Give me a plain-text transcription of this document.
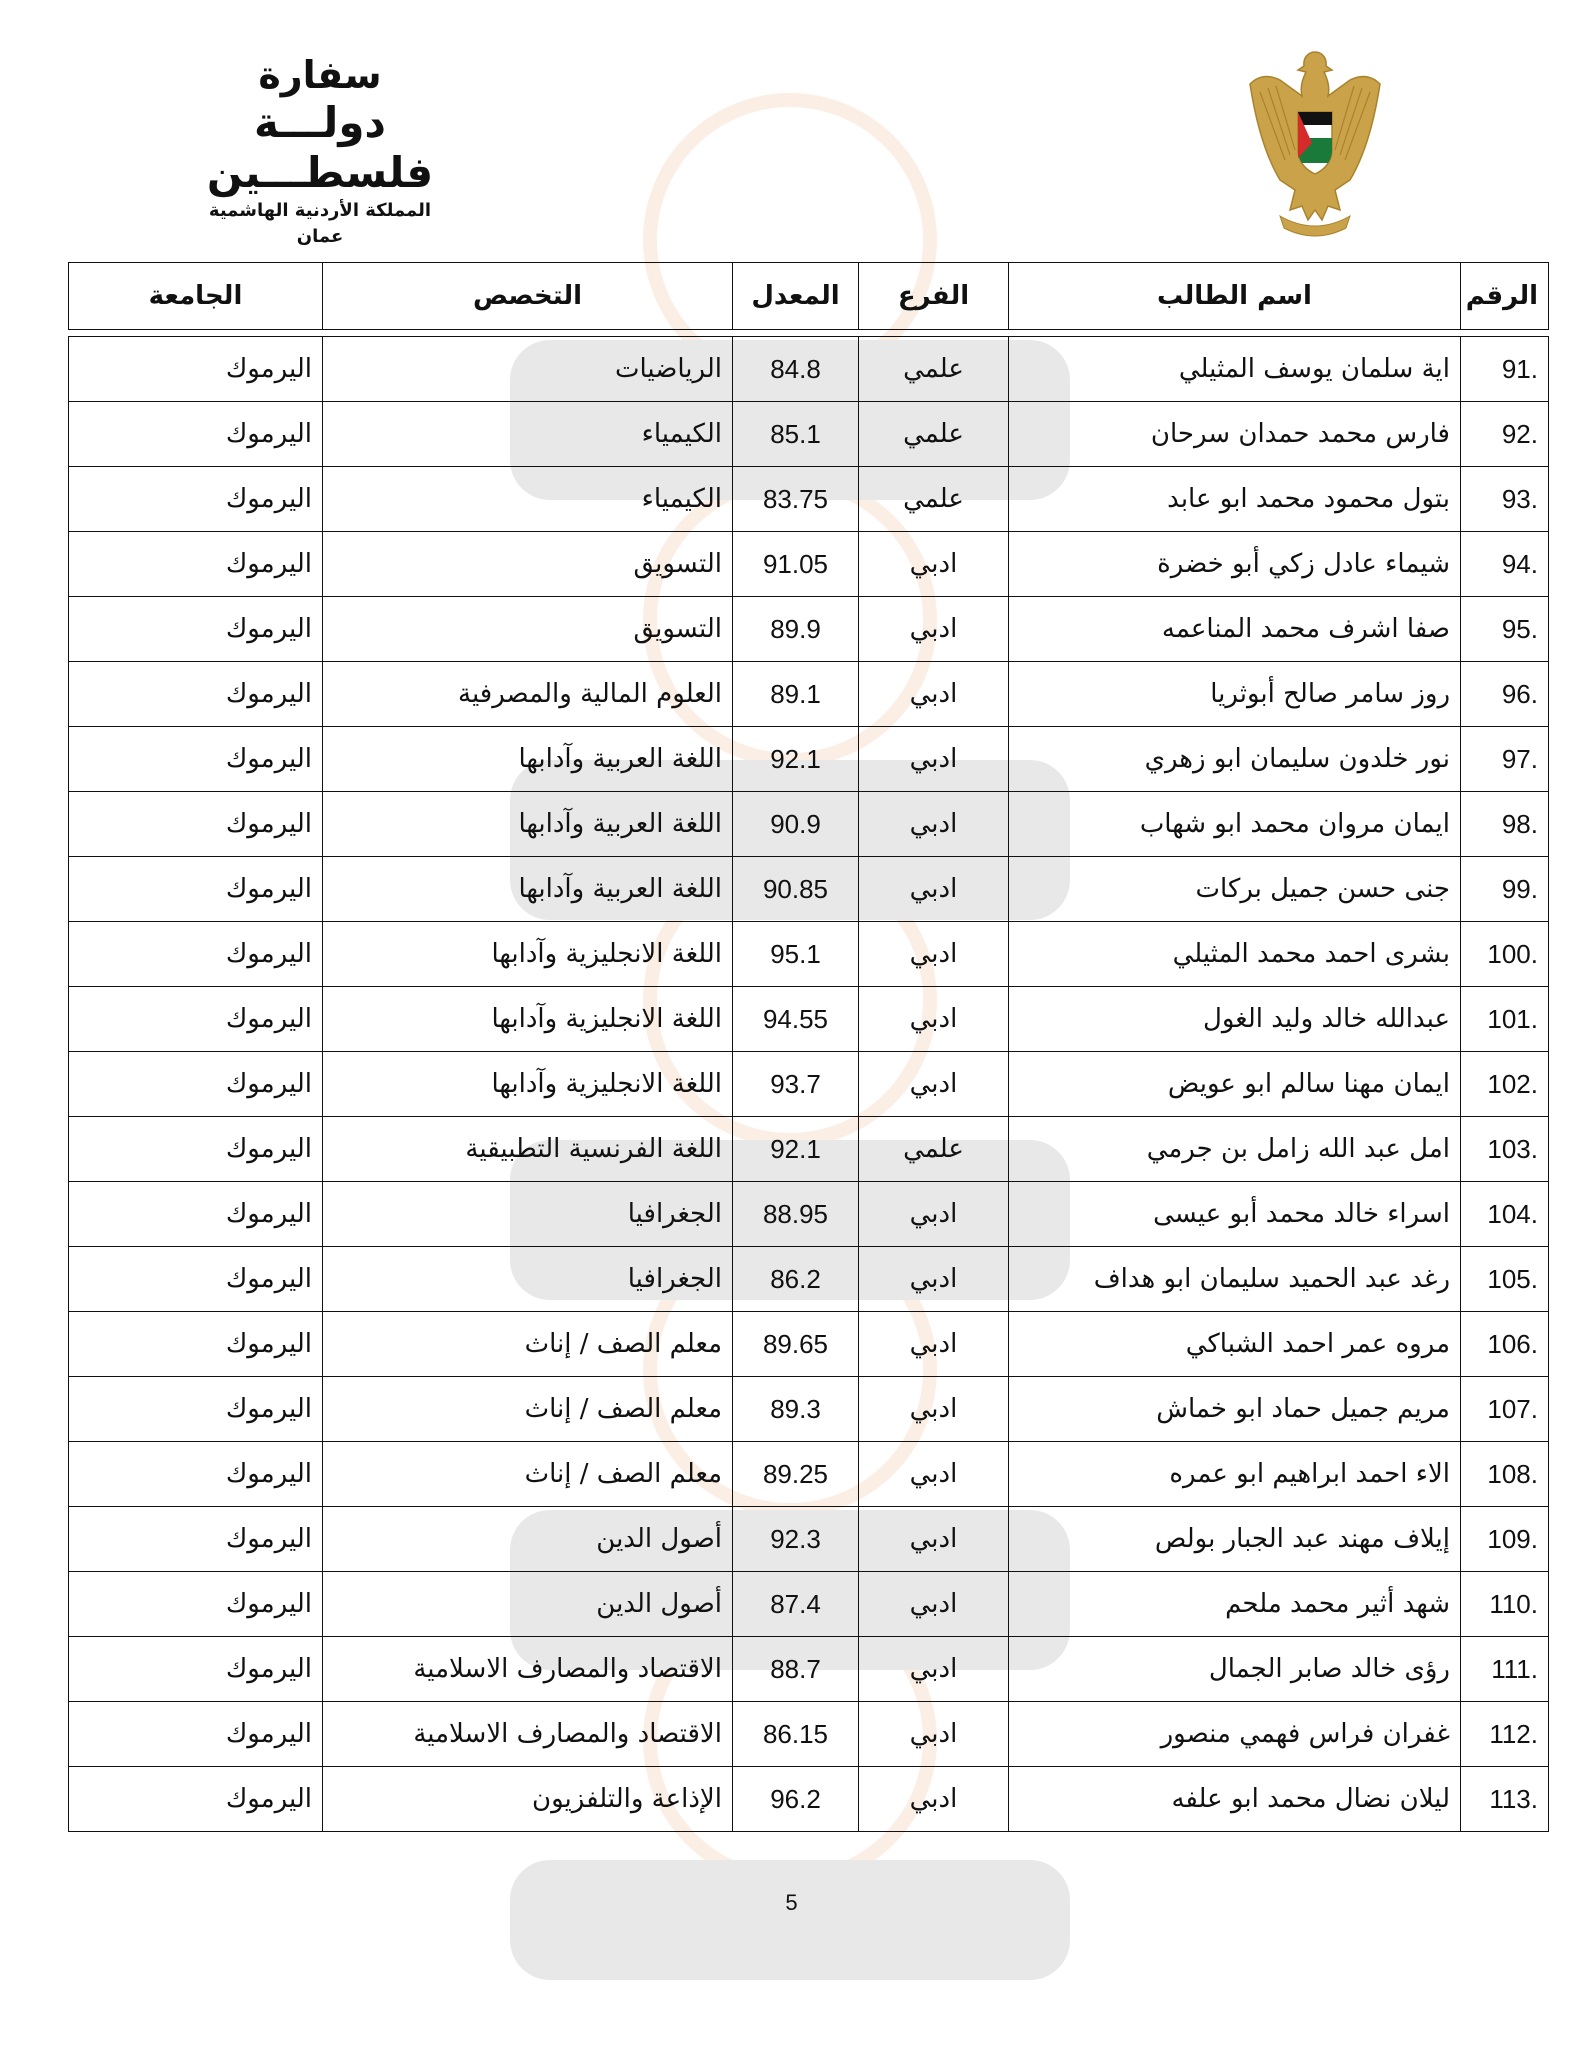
سفارة
دولـــة فلسطـــين
المملكة الأردنية الهاشمية
عمان
الرقم	اسم الطالب	الفرع	المعدل	التخصص	الجامعة
91.	اية سلمان يوسف المثيلي	علمي	84.8	الرياضيات	اليرموك
92.	فارس محمد حمدان سرحان	علمي	85.1	الكيمياء	اليرموك
93.	بتول محمود محمد ابو عابد	علمي	83.75	الكيمياء	اليرموك
94.	شيماء عادل زكي أبو خضرة	ادبي	91.05	التسويق	اليرموك
95.	صفا اشرف محمد المناعمه	ادبي	89.9	التسويق	اليرموك
96.	روز سامر صالح أبوثريا	ادبي	89.1	العلوم المالية والمصرفية	اليرموك
97.	نور خلدون سليمان ابو زهري	ادبي	92.1	اللغة العربية وآدابها	اليرموك
98.	ايمان مروان محمد ابو شهاب	ادبي	90.9	اللغة العربية وآدابها	اليرموك
99.	جنى حسن جميل بركات	ادبي	90.85	اللغة العربية وآدابها	اليرموك
100.	بشرى احمد محمد المثيلي	ادبي	95.1	اللغة الانجليزية وآدابها	اليرموك
101.	عبدالله خالد وليد الغول	ادبي	94.55	اللغة الانجليزية وآدابها	اليرموك
102.	ايمان مهنا سالم ابو عويض	ادبي	93.7	اللغة الانجليزية وآدابها	اليرموك
103.	امل عبد الله زامل بن جرمي	علمي	92.1	اللغة الفرنسية التطبيقية	اليرموك
104.	اسراء خالد محمد أبو عيسى	ادبي	88.95	الجغرافيا	اليرموك
105.	رغد عبد الحميد سليمان ابو هداف	ادبي	86.2	الجغرافيا	اليرموك
106.	مروه عمر احمد الشباكي	ادبي	89.65	معلم الصف / إناث	اليرموك
107.	مريم جميل حماد ابو خماش	ادبي	89.3	معلم الصف / إناث	اليرموك
108.	الاء احمد ابراهيم ابو عمره	ادبي	89.25	معلم الصف / إناث	اليرموك
109.	إيلاف مهند عبد الجبار بولص	ادبي	92.3	أصول الدين	اليرموك
110.	شهد أثير محمد ملحم	ادبي	87.4	أصول الدين	اليرموك
111.	رؤى خالد صابر الجمال	ادبي	88.7	الاقتصاد والمصارف الاسلامية	اليرموك
112.	غفران فراس فهمي منصور	ادبي	86.15	الاقتصاد والمصارف الاسلامية	اليرموك
113.	ليلان نضال محمد ابو علفه	ادبي	96.2	الإذاعة والتلفزيون	اليرموك
5
